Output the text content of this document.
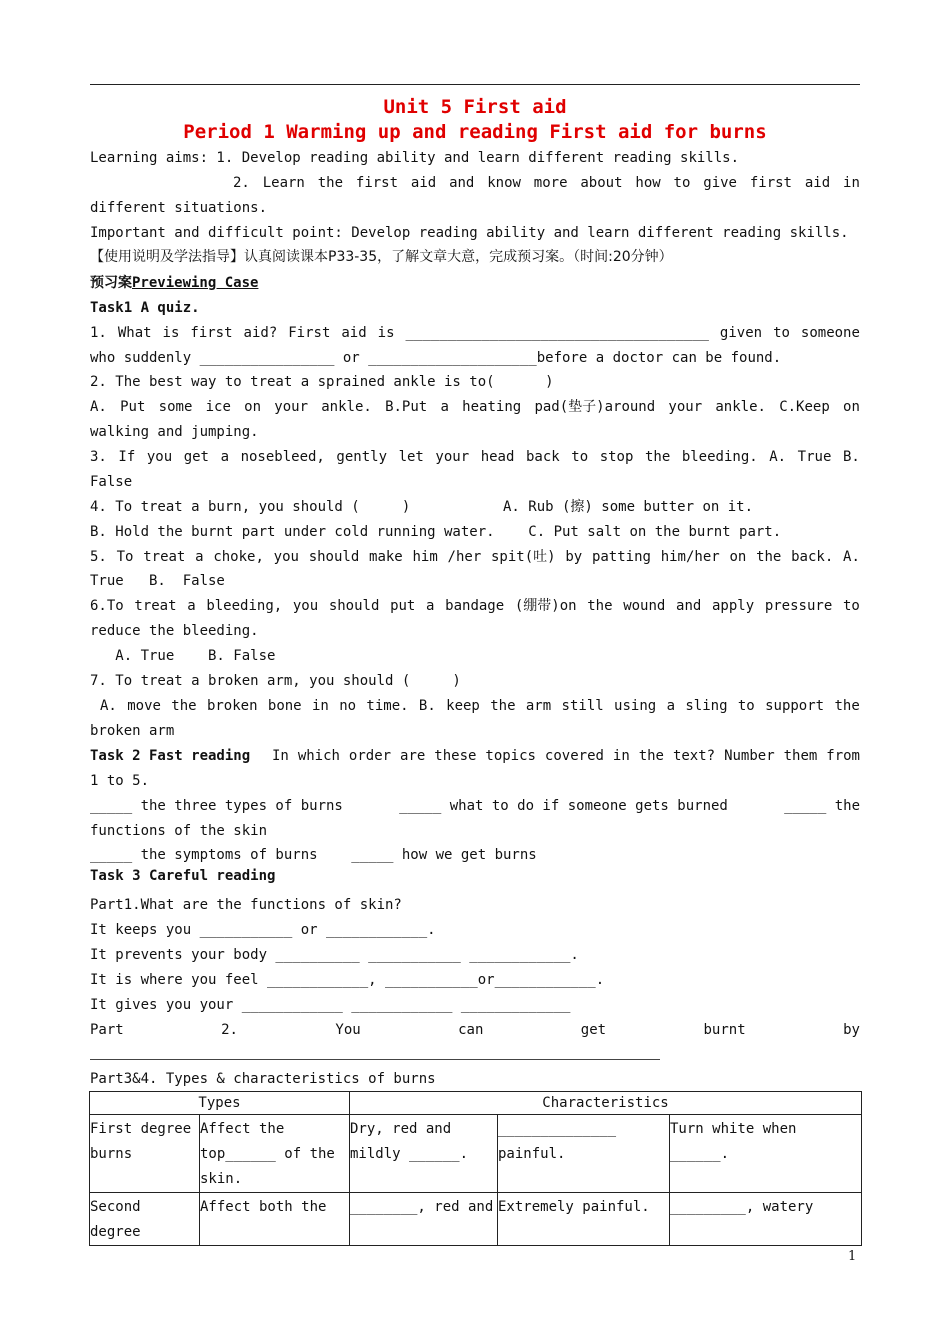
Unit 5 First aid
Period 1 Warming up and reading First aid for burns
Learning aims: 1. Develop reading ability and learn different reading skills.
2. Learn the first aid and know more about how to give first aid in
different situations.
Important and difficult point: Develop reading ability and learn different reading skills.
【使用说明及学法指导】认真阅读课本P33-35，了解文章大意，完成预习案。（时间:20分钟）
预习案Previewing Case
Task1 A quiz.
1. What is first aid? First aid is ____________________________________ given to someone
who suddenly ________________ or ____________________before a doctor can be found.
2. The best way to treat a sprained ankle is to(      )
A. Put some ice on your ankle. B.Put a heating pad(垫子)around your ankle. C.Keep on
walking and jumping.
3. If you get a nosebleed, gently let your head back to stop the bleeding. A. True B.
False
4. To treat a burn, you should (     )           A. Rub (擦) some butter on it.
B. Hold the burnt part under cold running water.    C. Put salt on the burnt part.
5. To treat a choke, you should make him /her spit(吐) by patting him/her on the back. A.
True   B.  False
6.To treat a bleeding, you should put a bandage (绷带)on the wound and apply pressure to
reduce the bleeding.
A. True    B. False
7. To treat a broken arm, you should (     )
A. move the broken bone in no time. B. keep the arm still using a sling to support the
broken arm
Task 2 Fast reading In which order are these topics covered in the text? Number them from
1 to 5.
_____ the three types of burns	_____ what to do if someone gets burned	_____ the
functions of the skin
_____ the symptoms of burns    _____ how we get burns
Task 3 Careful reading
Part1.What are the functions of skin?
It keeps you ___________ or ____________.
It prevents your body __________ ___________ ____________.
It is where you feel ____________, ___________or____________.
It gives you your ____________ ____________ _____________
Part	2.	You	can	get	burnt	by
Part3&4. Types & characteristics of burns
Types		Characteristics		
First degree burns	Affect the top______ of the skin.	Dry, red and mildly ______.	______________ painful.	Turn white when ______.
Second degree	Affect both the	________, red and	Extremely painful.	_________, watery
1
